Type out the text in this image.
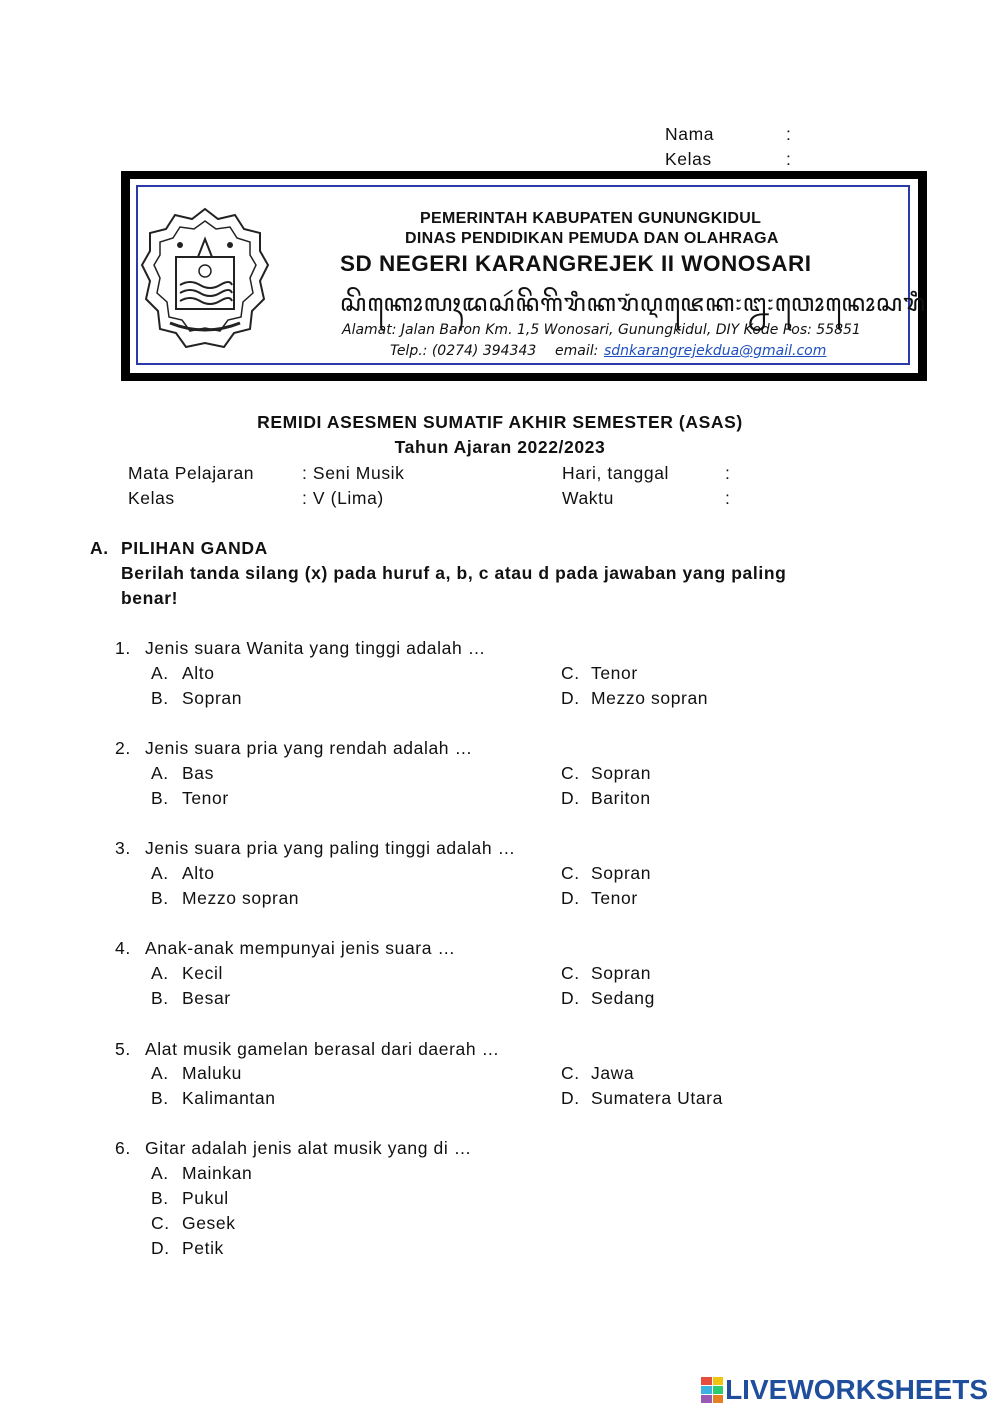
Nama	:
Kelas	:
PEMERINTAH KABUPATEN GUNUNGKIDUL
DINAS PENDIDIKAN PEMUDA DAN OLAHRAGA
SD NEGERI KARANGREJEK II WONOSARI
ꦱꦼꦏꦺꦴꦭꦃꦢꦱꦂꦤꦼꦒꦼꦫꦶꦏꦫꦁꦉꦗꦺꦏ꧇꧒꧇ꦮꦺꦴꦤꦺꦴꦱꦫꦶ
Alamat: Jalan Baron Km. 1,5 Wonosari, Gunungkidul, DIY Kode Pos: 55851
Telp.: (0274) 394343 email: sdnkarangrejekdua@gmail.com
REMIDI ASESMEN SUMATIF AKHIR SEMESTER (ASAS)
Tahun Ajaran 2022/2023
Mata Pelajaran	: Seni Musik	Hari, tanggal	:
Kelas	: V (Lima)	Waktu	:
A. PILIHAN GANDA
Berilah tanda silang (x) pada huruf a, b, c atau d pada jawaban yang paling
benar!
1. Jenis suara Wanita yang tinggi adalah …
A. Alto
B. Sopran
C. Tenor
D. Mezzo sopran
2. Jenis suara pria yang rendah adalah …
A. Bas
B. Tenor
C. Sopran
D. Bariton
3. Jenis suara pria yang paling tinggi adalah …
A. Alto
B. Mezzo sopran
C. Sopran
D. Tenor
4. Anak-anak mempunyai jenis suara …
A. Kecil
B. Besar
C. Sopran
D. Sedang
5. Alat musik gamelan berasal dari daerah …
A. Maluku
B. Kalimantan
C. Jawa
D. Sumatera Utara
6. Gitar adalah jenis alat musik yang di …
A. Mainkan
B. Pukul
C. Gesek
D. Petik
LIVEWORKSHEETS
